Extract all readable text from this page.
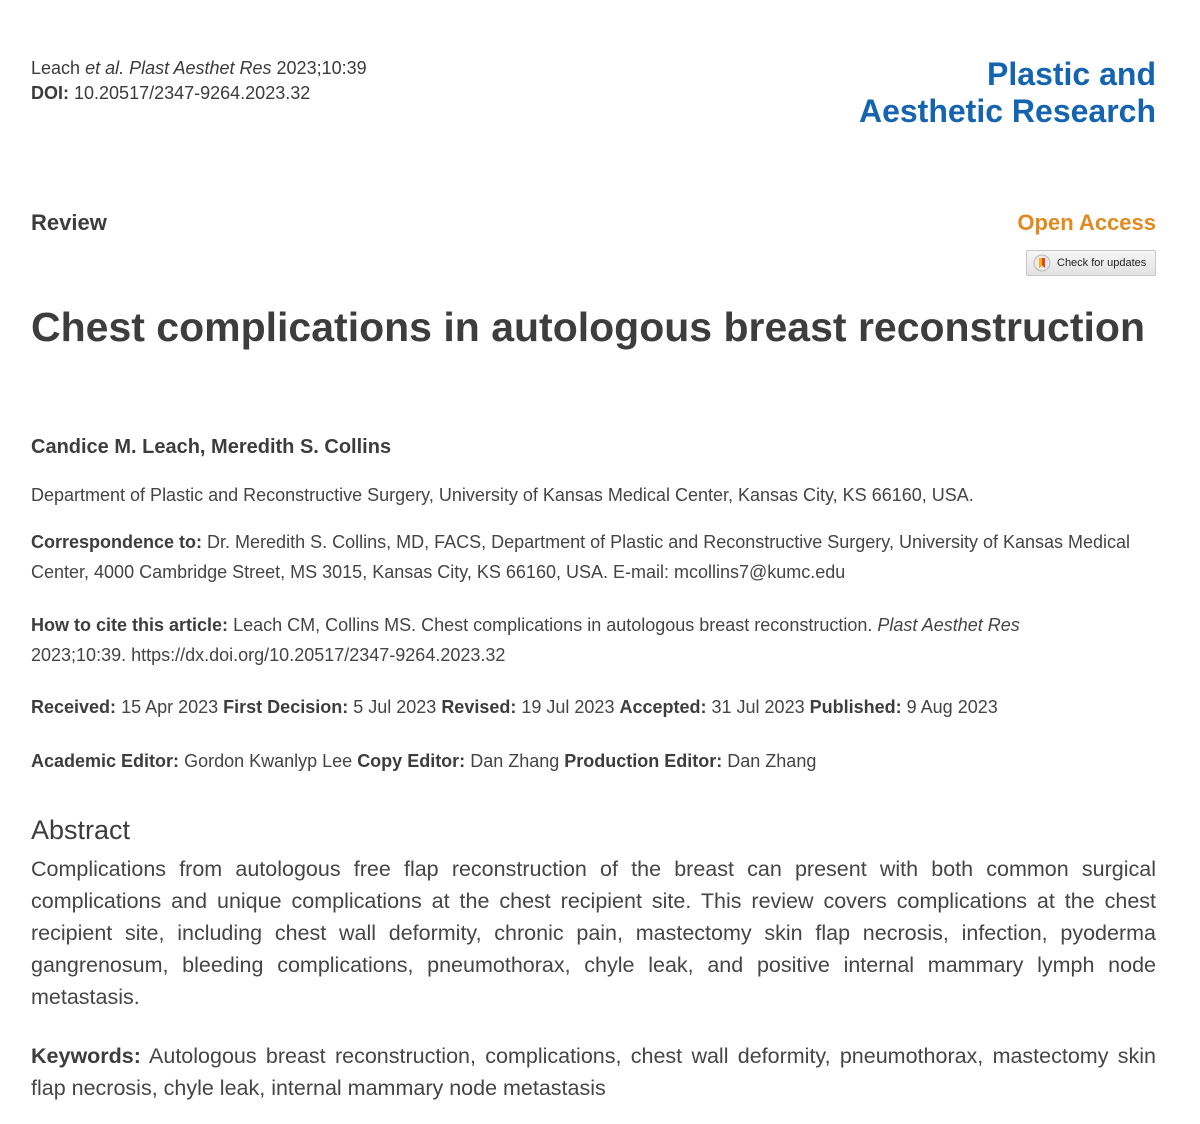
Leach et al. Plast Aesthet Res 2023;10:39
DOI: 10.20517/2347-9264.2023.32
Plastic and
Aesthetic Research
Review	Open Access
Check for updates
Chest complications in autologous breast reconstruction
Candice M. Leach, Meredith S. Collins

Department of Plastic and Reconstructive Surgery, University of Kansas Medical Center, Kansas City, KS 66160, USA.

Correspondence to: Dr. Meredith S. Collins, MD, FACS, Department of Plastic and Reconstructive Surgery, University of Kansas Medical Center, 4000 Cambridge Street, MS 3015, Kansas City, KS 66160, USA. E-mail: mcollins7@kumc.edu

How to cite this article: Leach CM, Collins MS. Chest complications in autologous breast reconstruction. Plast Aesthet Res
2023;10:39. https://dx.doi.org/10.20517/2347-9264.2023.32

Received: 15 Apr 2023 First Decision: 5 Jul 2023 Revised: 19 Jul 2023 Accepted: 31 Jul 2023 Published: 9 Aug 2023

Academic Editor: Gordon Kwanlyp Lee Copy Editor: Dan Zhang Production Editor: Dan Zhang

Abstract

Complications from autologous free flap reconstruction of the breast can present with both common surgical complications and unique complications at the chest recipient site. This review covers complications at the chest recipient site, including chest wall deformity, chronic pain, mastectomy skin flap necrosis, infection, pyoderma gangrenosum, bleeding complications, pneumothorax, chyle leak, and positive internal mammary lymph node metastasis.

Keywords: Autologous breast reconstruction, complications, chest wall deformity, pneumothorax, mastectomy skin flap necrosis, chyle leak, internal mammary node metastasis
